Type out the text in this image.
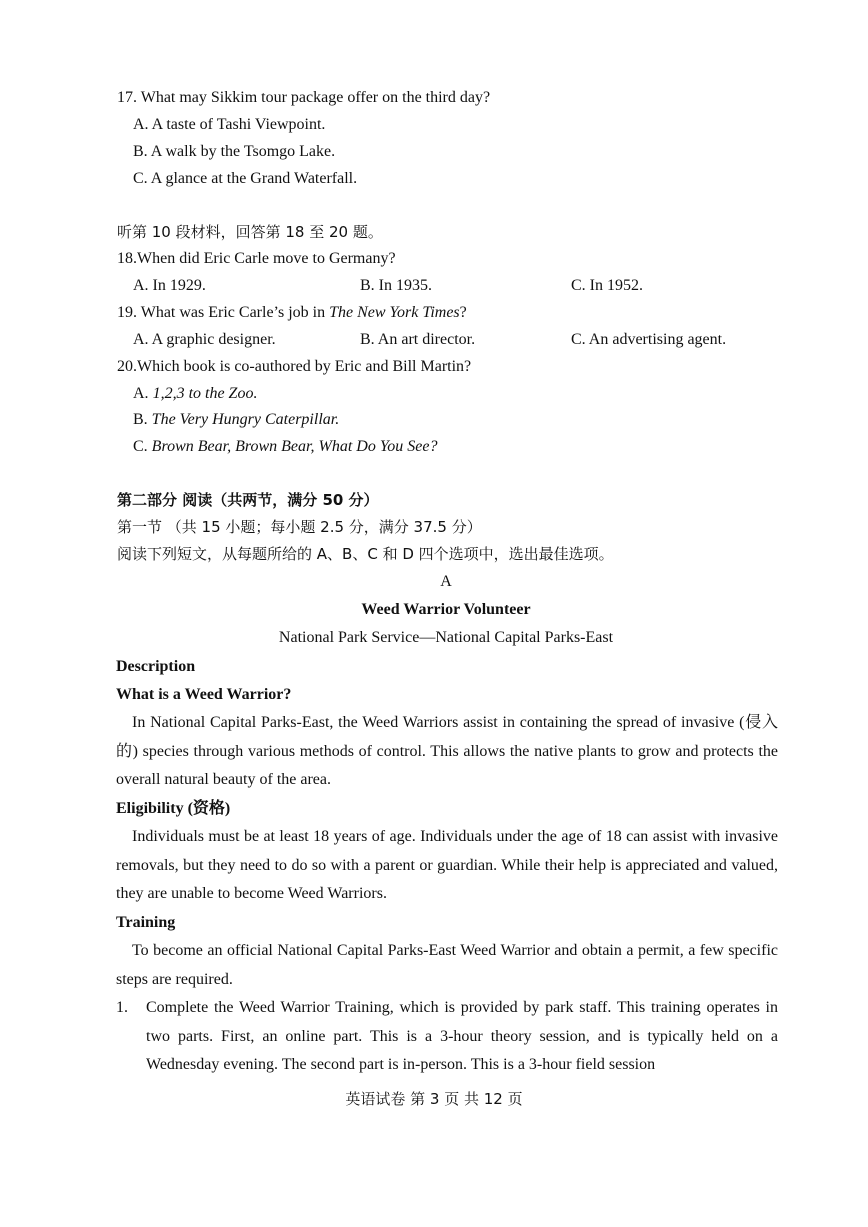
17. What may Sikkim tour package offer on the third day?
A. A taste of Tashi Viewpoint.
B. A walk by the Tsomgo Lake.
C. A glance at the Grand Waterfall.
听第 10 段材料，回答第 18 至 20 题。
18.When did Eric Carle move to Germany?
A. In 1929.	B. In 1935.	C. In 1952.
19. What was Eric Carle’s job in The New York Times?
A. A graphic designer.	B. An art director.	C. An advertising agent.
20.Which book is co-authored by Eric and Bill Martin?
A. 1,2,3 to the Zoo.
B. The Very Hungry Caterpillar.
C. Brown Bear, Brown Bear, What Do You See?
第二部分 阅读（共两节，满分 50 分）
第一节 （共 15 小题；每小题 2.5 分，满分 37.5 分）
阅读下列短文，从每题所给的 A、B、C 和 D 四个选项中，选出最佳选项。
A
Weed Warrior Volunteer
National Park Service—National Capital Parks-East
Description
What is a Weed Warrior?
In National Capital Parks-East, the Weed Warriors assist in containing the spread of invasive (侵入的) species through various methods of control. This allows the native plants to grow and protects the overall natural beauty of the area.
Eligibility (资格)
Individuals must be at least 18 years of age. Individuals under the age of 18 can assist with invasive removals, but they need to do so with a parent or guardian. While their help is appreciated and valued, they are unable to become Weed Warriors.
Training
To become an official National Capital Parks-East Weed Warrior and obtain a permit, a few specific steps are required.
1. Complete the Weed Warrior Training, which is provided by park staff. This training operates in two parts. First, an online part. This is a 3-hour theory session, and is typically held on a Wednesday evening. The second part is in-person. This is a 3-hour field session
英语试卷 第 3 页 共 12 页
